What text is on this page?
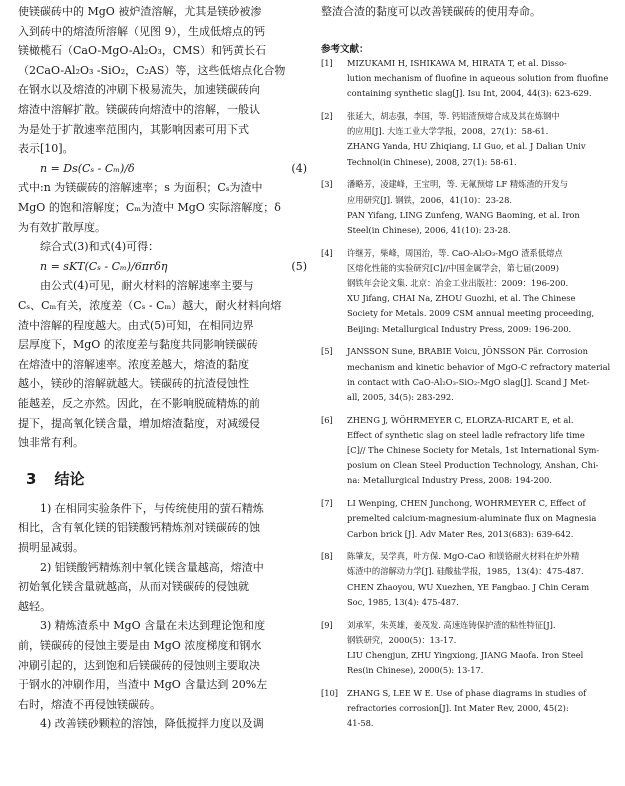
使镁碳砖中的 MgO 被炉渣溶解，尤其是镁砂被渗
入到砖中的熔渣所溶解（见图 9），生成低熔点的钙
镁橄榄石（CaO-MgO-Al₂O₃，CMS）和钙黄长石
（2CaO-Al₂O₃ -SiO₂，C₂AS）等，这些低熔点化合物
在钢水以及熔渣的冲刷下极易流失，加速镁碳砖向
熔渣中溶解扩散。镁碳砖向熔渣中的溶解，一般认
为是处于扩散速率范围内，其影响因素可用下式
表示[10]。
n = Ds(Cₛ - Cₘ)/δ	(4)
式中:n 为镁碳砖的溶解速率；s 为面积；Cₛ为渣中
MgO 的饱和溶解度；Cₘ为渣中 MgO 实际溶解度；δ
为有效扩散厚度。
综合式(3)和式(4)可得：
n = sKT(Cₛ - Cₘ)/6πrδη	(5)
由公式(4)可见，耐火材料的溶解速率主要与
Cₛ、Cₘ有关，浓度差（Cₛ - Cₘ）越大，耐火材料向熔
渣中溶解的程度越大。由式(5)可知，在相同边界
层厚度下，MgO 的浓度差与黏度共同影响镁碳砖
在熔渣中的溶解速率。浓度差越大，熔渣的黏度
越小，镁砂的溶解就越大。镁碳砖的抗渣侵蚀性
能越差，反之亦然。因此，在不影响脱硫精炼的前
提下，提高氧化镁含量，增加熔渣黏度，对减缓侵
蚀非常有利。
3 结论
1) 在相同实验条件下，与传统使用的萤石精炼
相比，含有氧化镁的铝镁酸钙精炼剂对镁碳砖的蚀
损明显减弱。
2) 铝镁酸钙精炼剂中氧化镁含量越高，熔渣中
初始氧化镁含量就越高，从而对镁碳砖的侵蚀就
越轻。
3) 精炼渣系中 MgO 含量在未达到理论饱和度
前，镁碳砖的侵蚀主要是由 MgO 浓度梯度和钢水
冲刷引起的，达到饱和后镁碳砖的侵蚀则主要取决
于钢水的冲刷作用，当渣中 MgO 含量达到 20%左
右时，熔渣不再侵蚀镁碳砖。
4) 改善镁砂颗粒的溶蚀，降低搅拌力度以及调
整渣合渣的黏度可以改善镁碳砖的使用寿命。
参考文献：
[1] MIZUKAMI H, ISHIKAWA M, HIRATA T, et al. Disso-
lution mechanism of fluofine in aqueous solution from fluofine
containing synthetic slag[J]. Isu Int, 2004, 44(3): 623-629.
[2] 张延大，胡志强，李国，等. 钙铝渣预熔合成及其在炼钢中
的应用[J]. 大连工业大学学报，2008，27(1)：58-61.
ZHANG Yanda, HU Zhiqiang, LI Guo, et al. J Dalian Univ
Technol(in Chinese), 2008, 27(1): 58-61.
[3] 潘略芳，凌建峰，王宝明，等. 无氟预熔 LF 精炼渣的开发与
应用研究[J]. 钢铁，2006，41(10)：23-28.
PAN Yifang, LING Zunfeng, WANG Baoming, et al. Iron
Steel(in Chinese), 2006, 41(10): 23-28.
[4] 许继芳，柴峰，周国治，等. CaO-Al₂O₃-MgO 渣系低熔点
区熔化性能的实验研究[C]//中国金属学会，第七届(2009)
钢铁年会论文集. 北京：冶金工业出版社：2009：196-200.
XU Jifang, CHAI Na, ZHOU Guozhi, et al. The Chinese
Society for Metals. 2009 CSM annual meeting proceeding,
Beijing: Metallurgical Industry Press, 2009: 196-200.
[5] JANSSON Sune, BRABIE Voicu, JÖNSSON Pär. Corrosion
mechanism and kinetic behavior of MgO-C refractory material
in contact with CaO-Al₂O₃-SiO₂-MgO slag[J]. Scand J Met-
all, 2005, 34(5): 283-292.
[6] ZHENG J, WÖHRMEYER C, ELORZA-RICART E, et al.
Effect of synthetic slag on steel ladle refractory life time
[C]// The Chinese Society for Metals, 1st International Sym-
posium on Clean Steel Production Technology, Anshan, Chi-
na: Metallurgical Industry Press, 2008: 194-200.
[7] LI Wenping, CHEN Junchong, WOHRMEYER C, Effect of
premelted calcium-magnesium-aluminate flux on Magnesia
Carbon brick [J]. Adv Mater Res, 2013(683): 639-642.
[8] 陈肇友，吴学真，叶方保. MgO-CaO 和镁铬耐火材料在炉外精
炼渣中的溶解动力学[J]. 硅酸盐学报，1985，13(4)：475-487.
CHEN Zhaoyou, WU Xuezhen, YE Fangbao. J Chin Ceram
Soc, 1985, 13(4): 475-487.
[9] 刘承军，朱英雄，姜茂发. 高速连铸保护渣的粘性特征[J].
钢铁研究，2000(5)：13-17.
LIU Chengjun, ZHU Yingxiong, JIANG Maofa. Iron Steel
Res(in Chinese), 2000(5): 13-17.
[10] ZHANG S, LEE W E. Use of phase diagrams in studies of
refractories corrosion[J]. Int Mater Rev, 2000, 45(2):
41-58.
